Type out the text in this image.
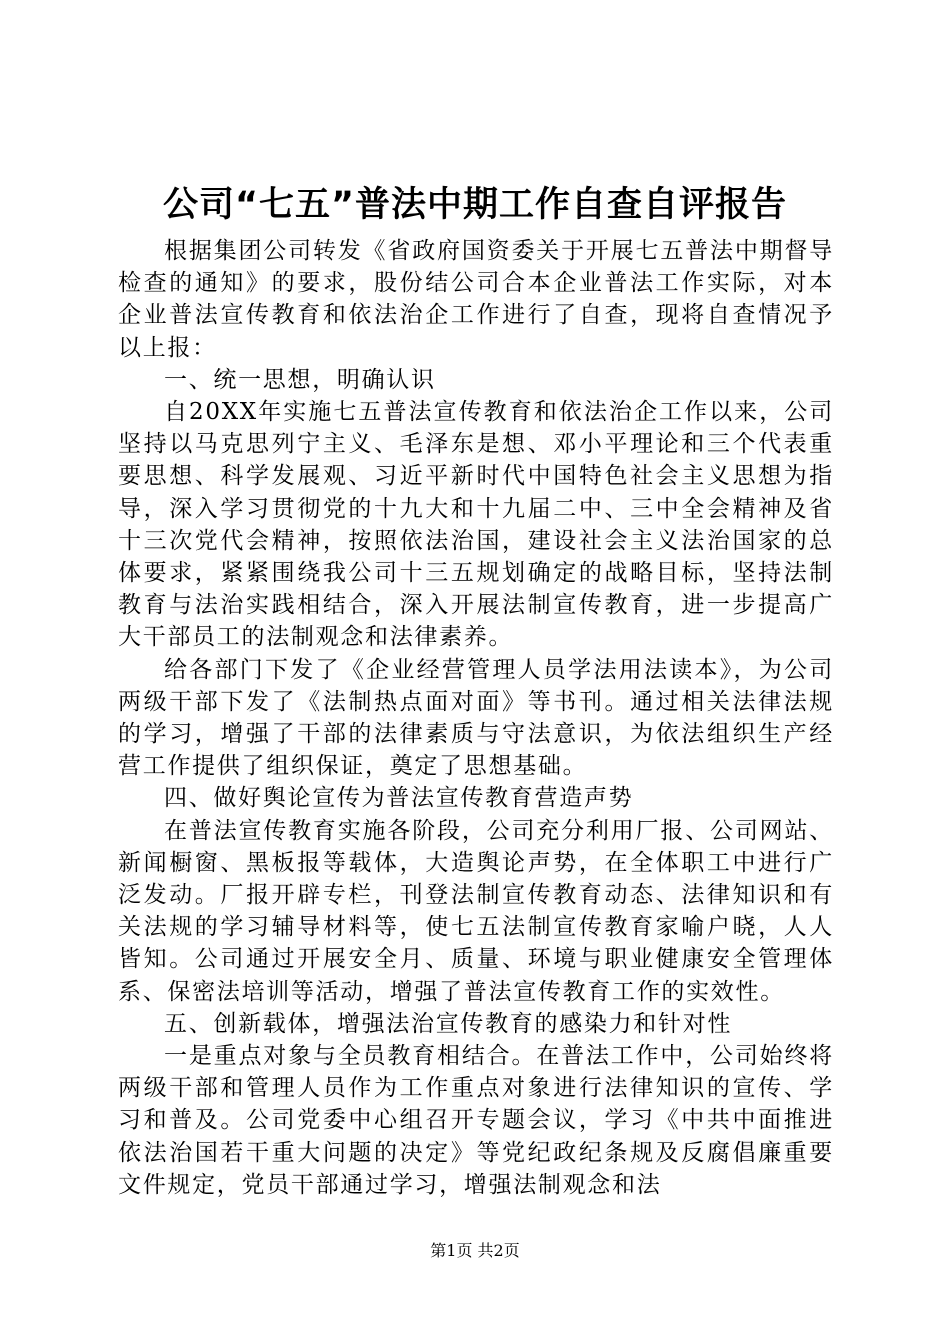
公司“七五”普法中期工作自查自评报告

根据集团公司转发《省政府国资委关于开展七五普法中期督导检查的通知》的要求，股份结公司合本企业普法工作实际，对本企业普法宣传教育和依法治企工作进行了自查，现将自查情况予以上报：

一、统一思想，明确认识

自20XX年实施七五普法宣传教育和依法治企工作以来，公司坚持以马克思列宁主义、毛泽东是想、邓小平理论和三个代表重要思想、科学发展观、习近平新时代中国特色社会主义思想为指导，深入学习贯彻党的十九大和十九届二中、三中全会精神及省十三次党代会精神，按照依法治国，建设社会主义法治国家的总体要求，紧紧围绕我公司十三五规划确定的战略目标，坚持法制教育与法治实践相结合，深入开展法制宣传教育，进一步提高广大干部员工的法制观念和法律素养。

给各部门下发了《企业经营管理人员学法用法读本》，为公司两级干部下发了《法制热点面对面》等书刊。通过相关法律法规的学习，增强了干部的法律素质与守法意识，为依法组织生产经营工作提供了组织保证，奠定了思想基础。

四、做好舆论宣传为普法宣传教育营造声势

在普法宣传教育实施各阶段，公司充分利用厂报、公司网站、新闻橱窗、黑板报等载体，大造舆论声势，在全体职工中进行广泛发动。厂报开辟专栏，刊登法制宣传教育动态、法律知识和有关法规的学习辅导材料等，使七五法制宣传教育家喻户晓，人人皆知。公司通过开展安全月、质量、环境与职业健康安全管理体系、保密法培训等活动，增强了普法宣传教育工作的实效性。

五、创新载体，增强法治宣传教育的感染力和针对性

一是重点对象与全员教育相结合。在普法工作中，公司始终将两级干部和管理人员作为工作重点对象进行法律知识的宣传、学习和普及。公司党委中心组召开专题会议，学习《中共中面推进依法治国若干重大问题的决定》等党纪政纪条规及反腐倡廉重要文件规定，党员干部通过学习，增强法制观念和法

第1页 共2页
